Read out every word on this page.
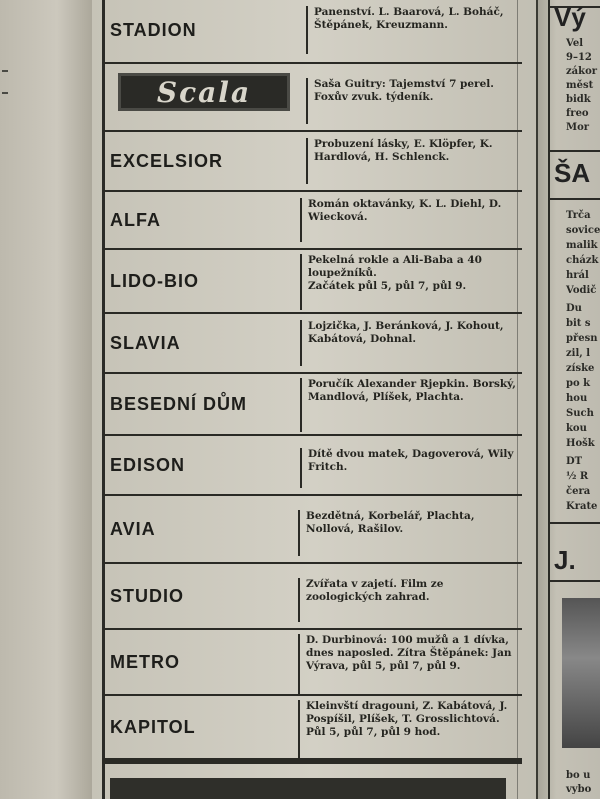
STADION
Panenství. L. Baarová, L. Boháč, Štěpánek, Kreuzmann.
Scala	Saša Guitry: Tajemství 7 perel. Foxův zvuk. týdeník.
EXCELSIOR
Probuzení lásky, E. Klöpfer, K. Hardlová, H. Schlenck.
ALFA
Román oktavánky, K. L. Diehl, D. Wiecková.
LIDO-BIO
Pekelná rokle a Ali-Baba a 40 loupežníků.
Začátek půl 5, půl 7, půl 9.
SLAVIA
Lojzička, J. Beránková, J. Kohout, Kabátová, Dohnal.
BESEDNÍ DŮM
Poručík Alexander Rjepkin. Borský, Mandlová, Plíšek, Plachta.
EDISON
Dítě dvou matek, Dagoverová, Wily Fritch.
AVIA
Bezdětná, Korbelář, Plachta, Nollová, Rašilov.
STUDIO
Zvířata v zajetí. Film ze zoologických zahrad.
METRO
D. Durbinová: 100 mužů a 1 dívka, dnes naposled. Zítra Štěpánek: Jan Výrava, půl 5, půl 7, půl 9.
KAPITOL
Kleinvští dragouni, Z. Kabátová, J. Pospíšil, Plíšek, T. Grosslichtová. Půl 5, půl 7, půl 9 hod.
Vý
Vel
9–12
zákor
měst
bidk
freo
Mor
ŠA
Trča
sovice
malik
cházk
hrál
Vodič
Du
bit s
přesn
zil, l
získe
po k
hou
Such
kou
Hošk
DT
½ R
čera
Krate
J.
bo u
vybo
